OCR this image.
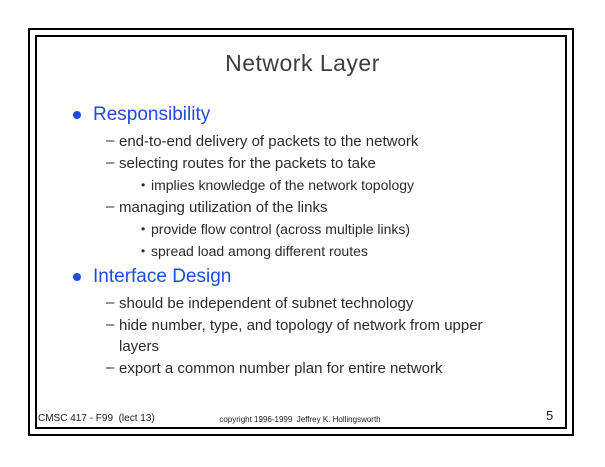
Network Layer
Responsibility
– end-to-end delivery of packets to the network
– selecting routes for the packets to take
• implies knowledge of the network topology
– managing utilization of the links
• provide flow control (across multiple links)
• spread load among different routes
Interface Design
– should be independent of subnet technology
– hide number, type, and topology of network from upper layers
– export a common number plan for entire network
CMSC 417 - F99  (lect 13)	copyright 1996-1999  Jeffrey K. Hollingsworth	5
